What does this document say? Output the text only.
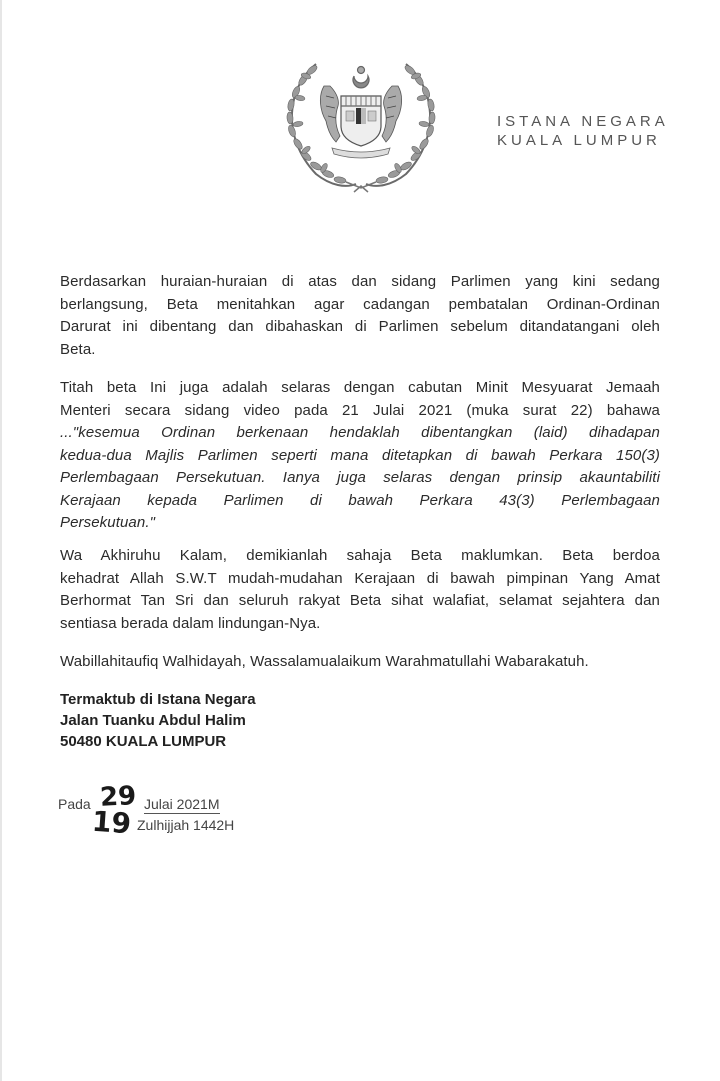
ISTANA NEGARA
KUALA LUMPUR
Berdasarkan huraian-huraian di atas dan sidang Parlimen yang kini sedang
berlangsung, Beta menitahkan agar cadangan pembatalan Ordinan-Ordinan
Darurat ini dibentang dan dibahaskan di Parlimen sebelum ditandatangani oleh
Beta.
Titah beta Ini juga adalah selaras dengan cabutan Minit Mesyuarat Jemaah
Menteri secara sidang video pada 21 Julai 2021 (muka surat 22) bahawa
..."kesemua Ordinan berkenaan hendaklah dibentangkan (laid) dihadapan
kedua-dua Majlis Parlimen seperti mana ditetapkan di bawah Perkara 150(3)
Perlembagaan Persekutuan. Ianya juga selaras dengan prinsip akauntabiliti
Kerajaan kepada Parlimen di bawah Perkara 43(3) Perlembagaan
Persekutuan."
Wa Akhiruhu Kalam, demikianlah sahaja Beta maklumkan. Beta berdoa
kehadrat Allah S.W.T mudah-mudahan Kerajaan di bawah pimpinan Yang Amat
Berhormat Tan Sri dan seluruh rakyat Beta sihat walafiat, selamat sejahtera dan
sentiasa berada dalam lindungan-Nya.
Wabillahitaufiq Walhidayah, Wassalamualaikum Warahmatullahi Wabarakatuh.
Termaktub di Istana Negara
Jalan Tuanku Abdul Halim
50480 KUALA LUMPUR
Pada 29 Julai 2021M
19 Zulhijjah 1442H
